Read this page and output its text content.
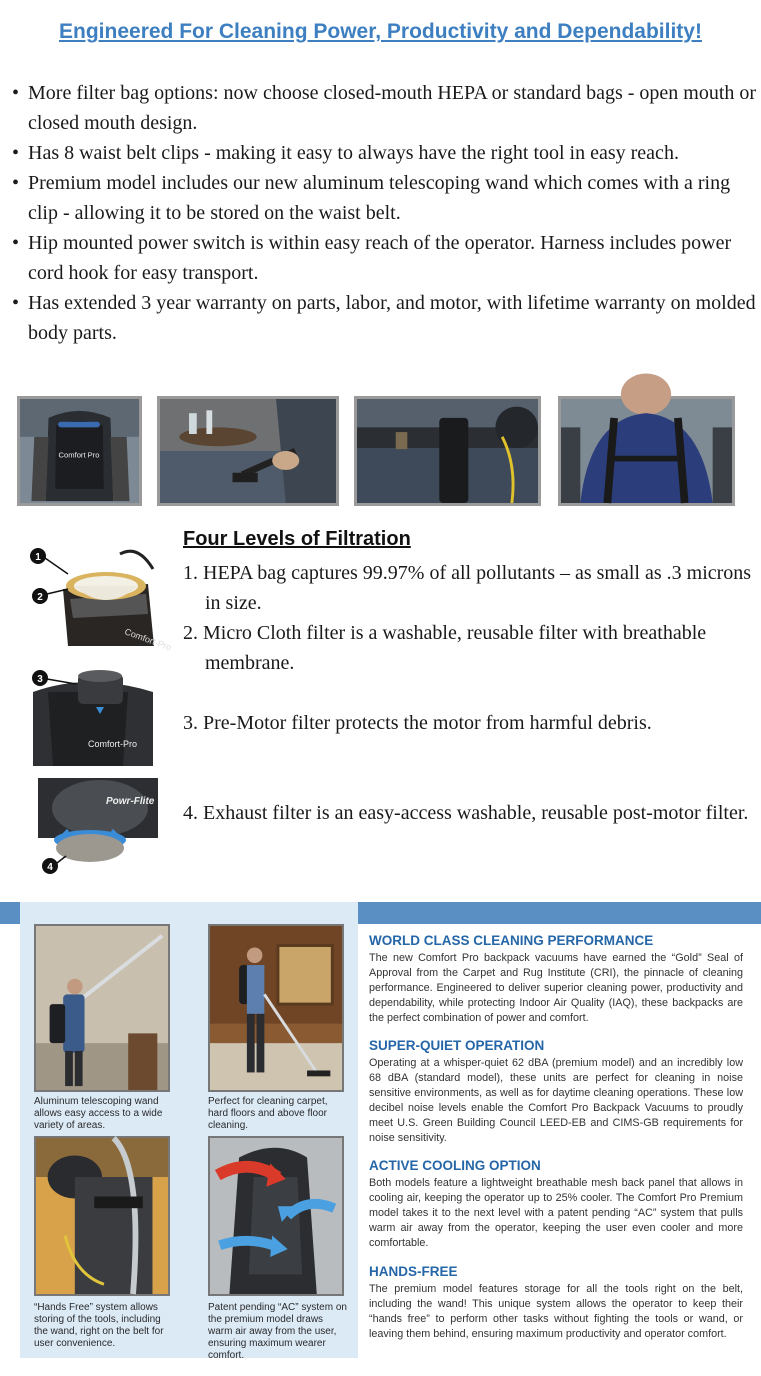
Engineered For Cleaning Power, Productivity and Dependability!
• More filter bag options: now choose closed-mouth HEPA or standard bags - open mouth or closed mouth design.
• Has 8 waist belt clips - making it easy to always have the right tool in easy reach.
• Premium model includes our new aluminum telescoping wand which comes with a ring clip - allowing it to be stored on the waist belt.
• Hip mounted power switch is within easy reach of the operator. Harness includes power cord hook for easy transport.
• Has extended 3 year warranty on parts, labor, and motor, with lifetime warranty on molded body parts.
Comfort Pro
Four Levels of Filtration
1. HEPA bag captures 99.97% of all pollutants – as small as .3 microns in size.
2. Micro Cloth filter is a washable, reusable filter with breathable membrane.
3. Pre-Motor filter protects the motor from harmful debris.
4. Exhaust filter is an easy-access washable, reusable post-motor filter.
Comfort-Pro
1
2
Comfort-Pro
3
Powr-Flite
4
Aluminum telescoping wand allows easy access to a wide variety of areas.
Perfect for cleaning carpet, hard floors and above floor cleaning.
“Hands Free” system allows storing of the tools, including the wand, right on the belt for user convenience.
Patent pending “AC” system on the premium model draws warm air away from the user, ensuring maximum wearer comfort.
WORLD CLASS CLEANING PERFORMANCE

The new Comfort Pro backpack vacuums have earned the “Gold” Seal of Approval from the Carpet and Rug Institute (CRI), the pinnacle of cleaning performance. Engineered to deliver superior cleaning power, productivity and dependability, while protecting Indoor Air Quality (IAQ), these backpacks are the perfect combination of power and comfort.

SUPER-QUIET OPERATION

Operating at a whisper-quiet 62 dBA (premium model) and an incredibly low 68 dBA (standard model), these units are perfect for cleaning in noise sensitive environments, as well as for daytime cleaning operations. These low decibel noise levels enable the Comfort Pro Backpack Vacuums to proudly meet U.S. Green Building Council LEED-EB and CIMS-GB requirements for noise sensitivity.

ACTIVE COOLING OPTION

Both models feature a lightweight breathable mesh back panel that allows in cooling air, keeping the operator up to 25% cooler. The Comfort Pro Premium model takes it to the next level with a patent pending “AC” system that pulls warm air away from the operator, keeping the user even cooler and more comfortable.

HANDS-FREE

The premium model features storage for all the tools right on the belt, including the wand! This unique system allows the operator to keep their “hands free” to perform other tasks without fighting the tools or wand, or leaving them behind, ensuring maximum productivity and operator comfort.
